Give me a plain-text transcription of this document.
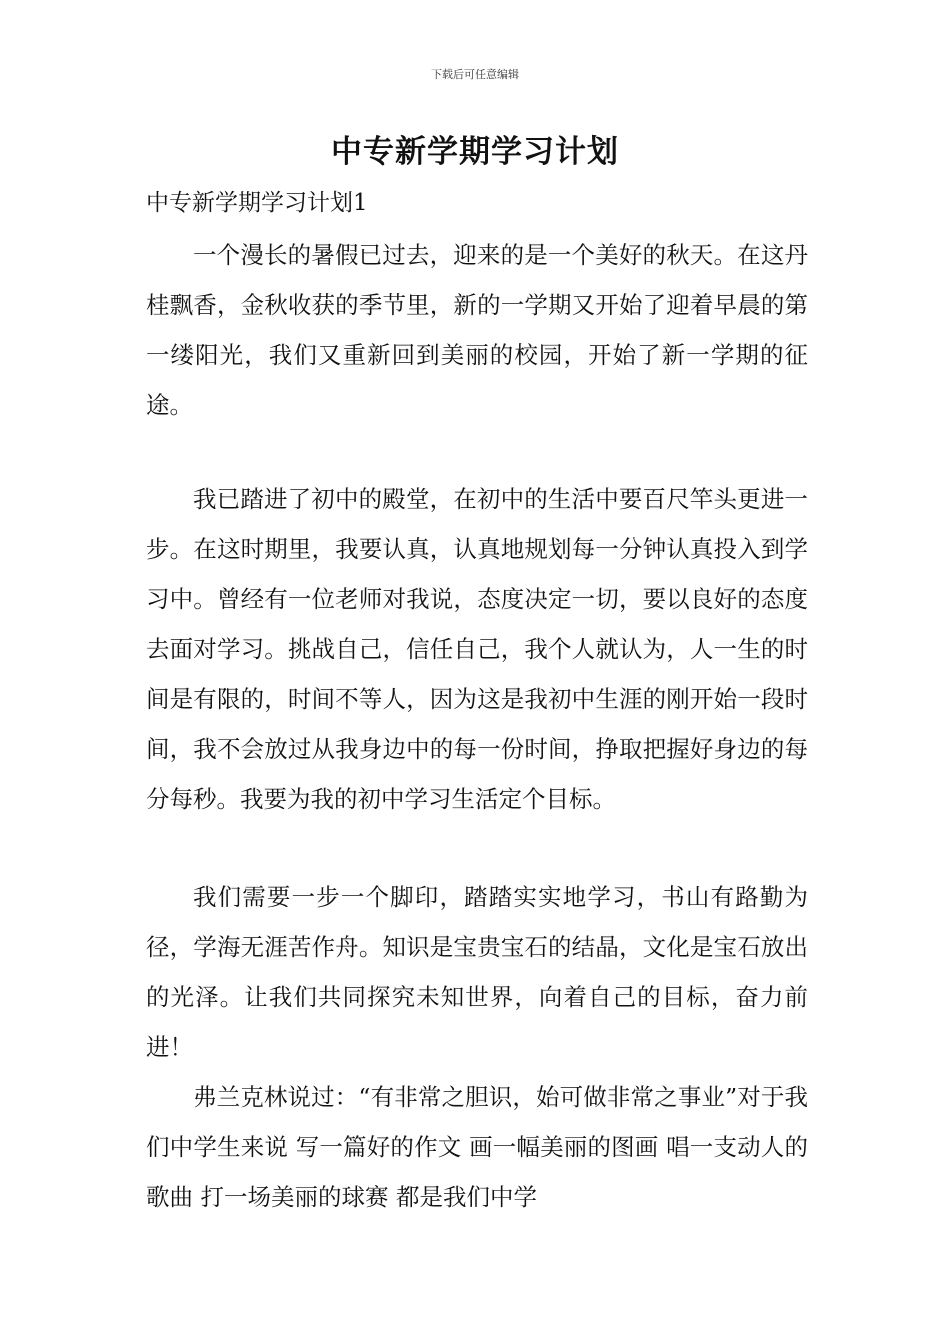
下载后可任意编辑
中专新学期学习计划

中专新学期学习计划1

一个漫长的暑假已过去，迎来的是一个美好的秋天。在这丹桂飘香，金秋收获的季节里，新的一学期又开始了迎着早晨的第一缕阳光，我们又重新回到美丽的校园，开始了新一学期的征途。

我已踏进了初中的殿堂，在初中的生活中要百尺竿头更进一步。在这时期里，我要认真，认真地规划每一分钟认真投入到学习中。曾经有一位老师对我说，态度决定一切，要以良好的态度去面对学习。挑战自己，信任自己，我个人就认为，人一生的时间是有限的，时间不等人，因为这是我初中生涯的刚开始一段时间，我不会放过从我身边中的每一份时间，挣取把握好身边的每分每秒。我要为我的初中学习生活定个目标。

我们需要一步一个脚印，踏踏实实地学习，书山有路勤为径，学海无涯苦作舟。知识是宝贵宝石的结晶，文化是宝石放出的光泽。让我们共同探究未知世界，向着自己的目标，奋力前进！

弗兰克林说过：“有非常之胆识，始可做非常之事业”对于我们中学生来说 写一篇好的作文 画一幅美丽的图画 唱一支动人的歌曲 打一场美丽的球赛 都是我们中学
